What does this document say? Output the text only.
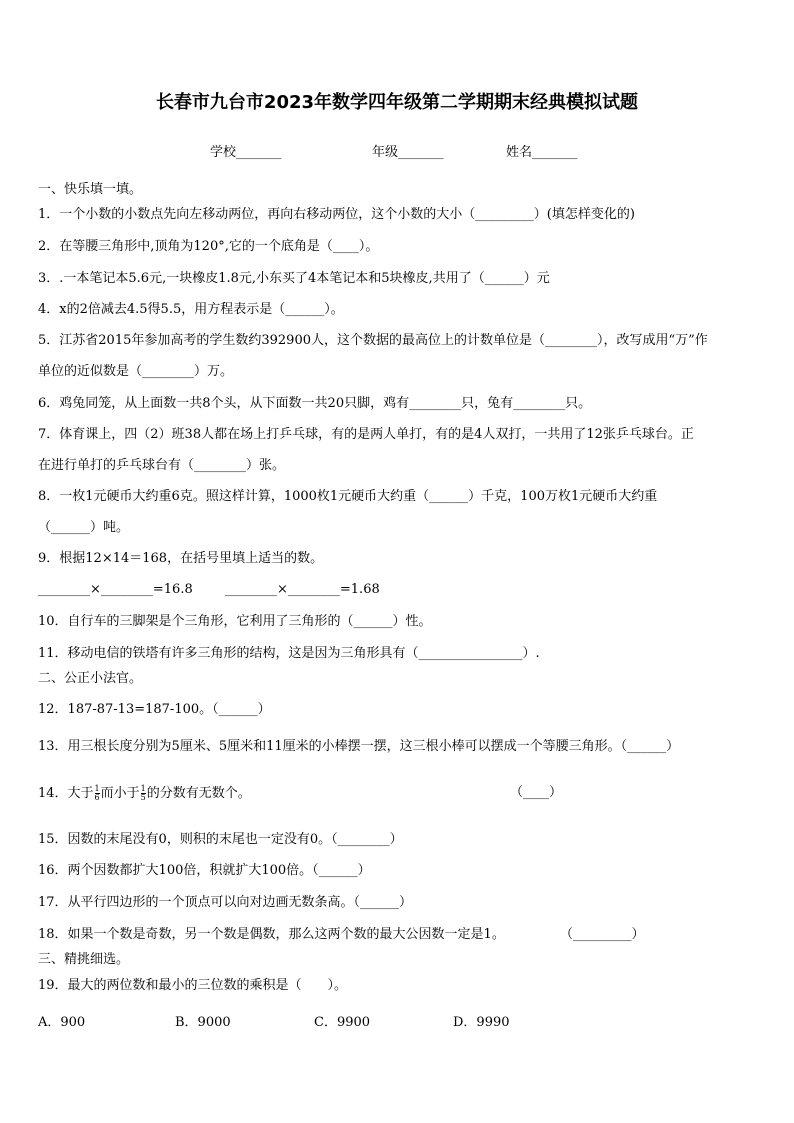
长春市九台市2023年数学四年级第二学期期末经典模拟试题
学校_______	年级_______	姓名_______
一、快乐填一填。
1．一个小数的小数点先向左移动两位，再向右移动两位，这个小数的大小（_________）(填怎样变化的)
2．在等腰三角形中,顶角为120°,它的一个底角是（____）。
3．.一本笔记本5.6元,一块橡皮1.8元,小东买了4本笔记本和5块橡皮,共用了（______）元
4．x的2倍减去4.5得5.5，用方程表示是（______）。
5．江苏省2015年参加高考的学生数约392900人，这个数据的最高位上的计数单位是（________），改写成用“万”作
单位的近似数是（________）万。
6．鸡兔同笼，从上面数一共8个头，从下面数一共20只脚，鸡有________只，兔有________只。
7．体育课上，四（2）班38人都在场上打乒乓球，有的是两人单打，有的是4人双打，一共用了12张乒乓球台。正
在进行单打的乒乓球台有（________）张。
8．一枚1元硬币大约重6克。照这样计算，1000枚1元硬币大约重（______）千克，100万枚1元硬币大约重
（______）吨。
9．根据12×14＝168，在括号里填上适当的数。
________×________=16.8 ________×________=1.68
10．自行车的三脚架是个三角形，它利用了三角形的（______）性。
11．移动电信的铁塔有许多三角形的结构，这是因为三角形具有（________________）.
二、公正小法官。
12．187-87-13=187-100。（______）
13．用三根长度分别为5厘米、5厘米和11厘米的小棒摆一摆，这三根小棒可以摆成一个等腰三角形。（______）
14．大于 $\frac{1}{6}$ 而小于 $\frac{1}{5}$ 的分数有无数个。	（____）
15．因数的末尾没有0，则积的末尾也一定没有0。（________）
16．两个因数都扩大100倍，积就扩大100倍。（______）
17．从平行四边形的一个顶点可以向对边画无数条高。（______）
18．如果一个数是奇数，另一个数是偶数，那么这两个数的最大公因数一定是1。	（_________）
三、精挑细选。
19．最大的两位数和最小的三位数的乘积是（　　）。
A．900	B．9000	C．9900	D．9990
